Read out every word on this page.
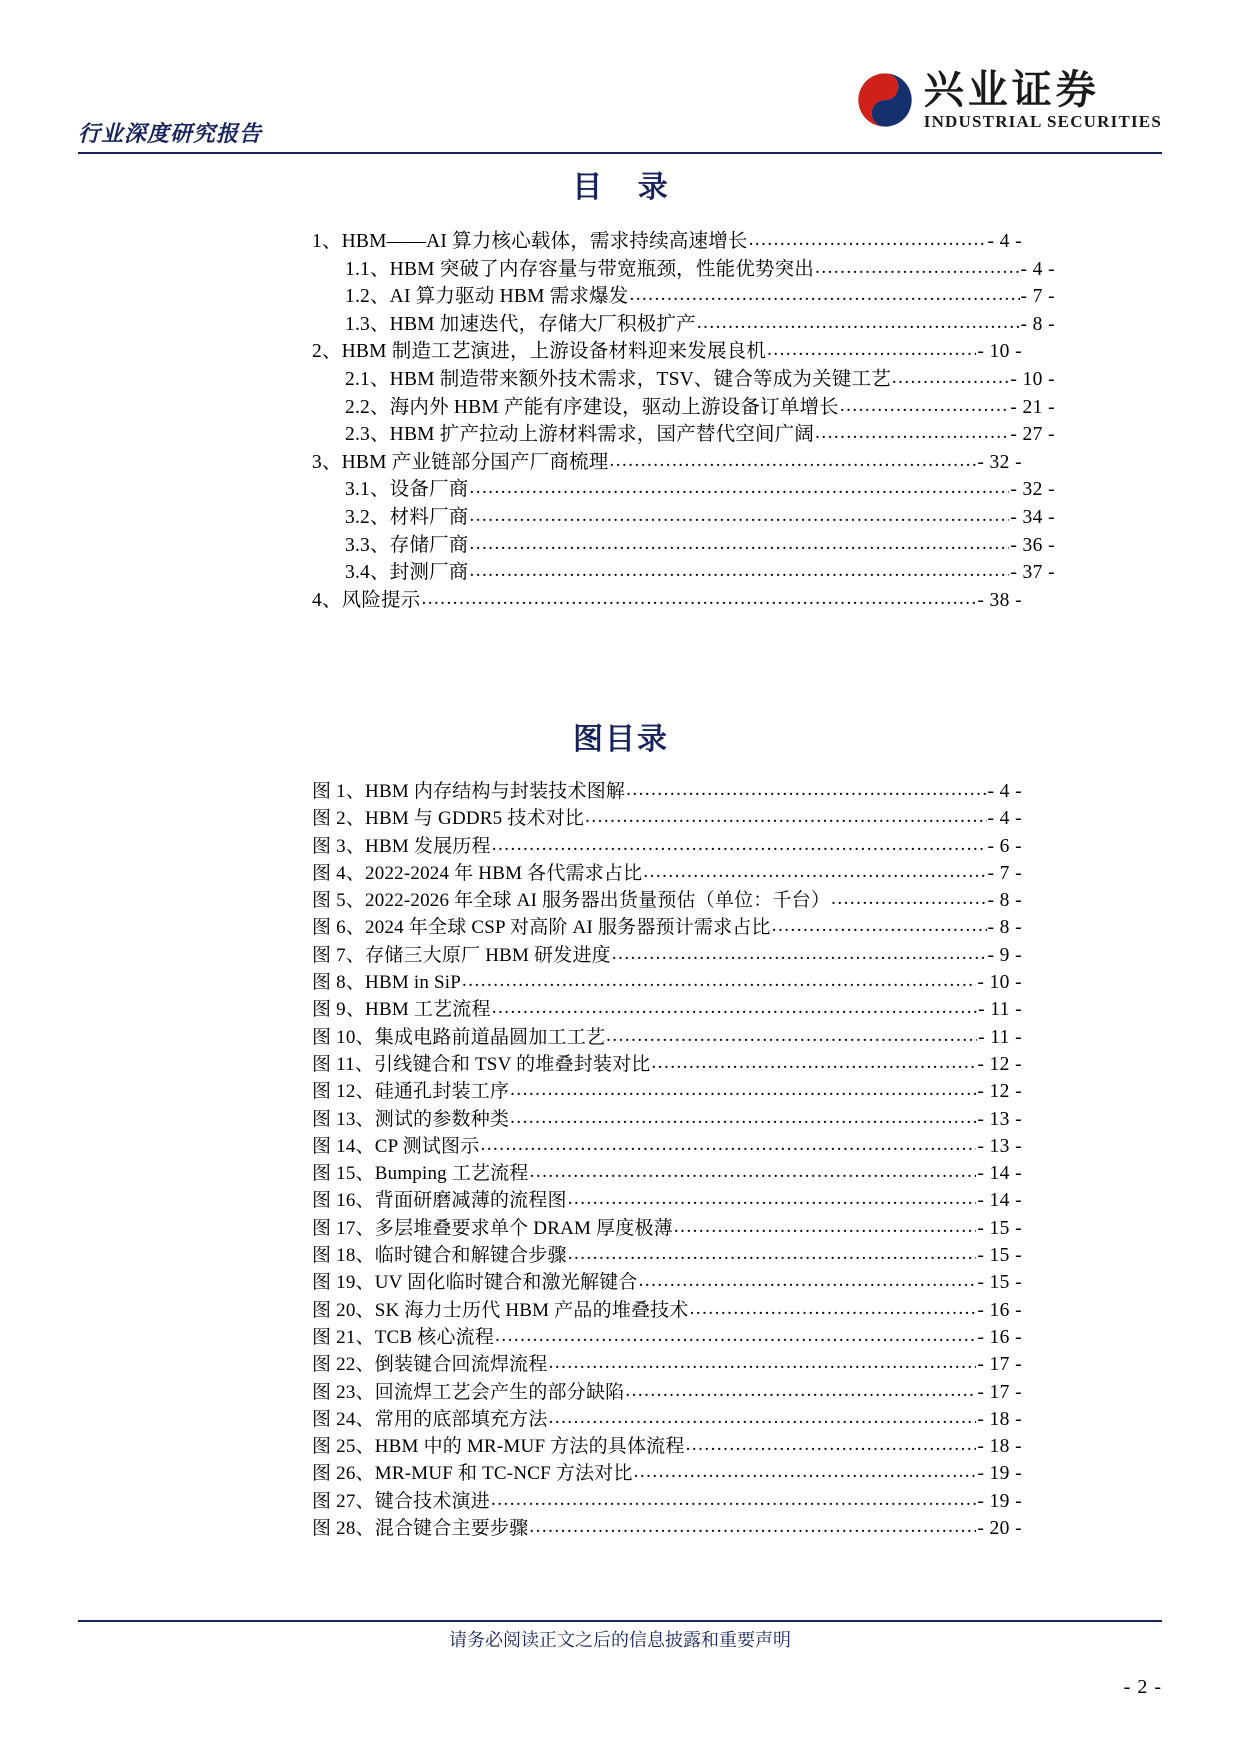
行业深度研究报告
兴业证券
INDUSTRIAL SECURITIES
目 录
1、HBM——AI 算力核心载体，需求持续高速增长 .....	- 4 -
1.1、HBM 突破了内存容量与带宽瓶颈，性能优势突出 .....	- 4 -
1.2、AI 算力驱动 HBM 需求爆发 .....	- 7 -
1.3、HBM 加速迭代，存储大厂积极扩产 .....	- 8 -
2、HBM 制造工艺演进，上游设备材料迎来发展良机 .....	- 10 -
2.1、HBM 制造带来额外技术需求，TSV、键合等成为关键工艺 .....	- 10 -
2.2、海内外 HBM 产能有序建设，驱动上游设备订单增长 .....	- 21 -
2.3、HBM 扩产拉动上游材料需求，国产替代空间广阔 .....	- 27 -
3、HBM 产业链部分国产厂商梳理 .....	- 32 -
3.1、设备厂商 .....	- 32 -
3.2、材料厂商 .....	- 34 -
3.3、存储厂商 .....	- 36 -
3.4、封测厂商 .....	- 37 -
4、风险提示 .....	- 38 -
图目录
图 1、HBM 内存结构与封装技术图解 .....	- 4 -
图 2、HBM 与 GDDR5 技术对比 .....	- 4 -
图 3、HBM 发展历程 .....	- 6 -
图 4、2022-2024 年 HBM 各代需求占比 .....	- 7 -
图 5、2022-2026 年全球 AI 服务器出货量预估（单位：千台） .....	- 8 -
图 6、2024 年全球 CSP 对高阶 AI 服务器预计需求占比 .....	- 8 -
图 7、存储三大原厂 HBM 研发进度 .....	- 9 -
图 8、HBM in SiP .....	- 10 -
图 9、HBM 工艺流程 .....	- 11 -
图 10、集成电路前道晶圆加工工艺 .....	- 11 -
图 11、引线键合和 TSV 的堆叠封装对比 .....	- 12 -
图 12、硅通孔封装工序 .....	- 12 -
图 13、测试的参数种类 .....	- 13 -
图 14、CP 测试图示 .....	- 13 -
图 15、Bumping 工艺流程 .....	- 14 -
图 16、背面研磨减薄的流程图 .....	- 14 -
图 17、多层堆叠要求单个 DRAM 厚度极薄 .....	- 15 -
图 18、临时键合和解键合步骤 .....	- 15 -
图 19、UV 固化临时键合和激光解键合 .....	- 15 -
图 20、SK 海力士历代 HBM 产品的堆叠技术 .....	- 16 -
图 21、TCB 核心流程 .....	- 16 -
图 22、倒装键合回流焊流程 .....	- 17 -
图 23、回流焊工艺会产生的部分缺陷 .....	- 17 -
图 24、常用的底部填充方法 .....	- 18 -
图 25、HBM 中的 MR-MUF 方法的具体流程 .....	- 18 -
图 26、MR-MUF 和 TC-NCF 方法对比 .....	- 19 -
图 27、键合技术演进 .....	- 19 -
图 28、混合键合主要步骤 .....	- 20 -
请务必阅读正文之后的信息披露和重要声明
- 2 -
